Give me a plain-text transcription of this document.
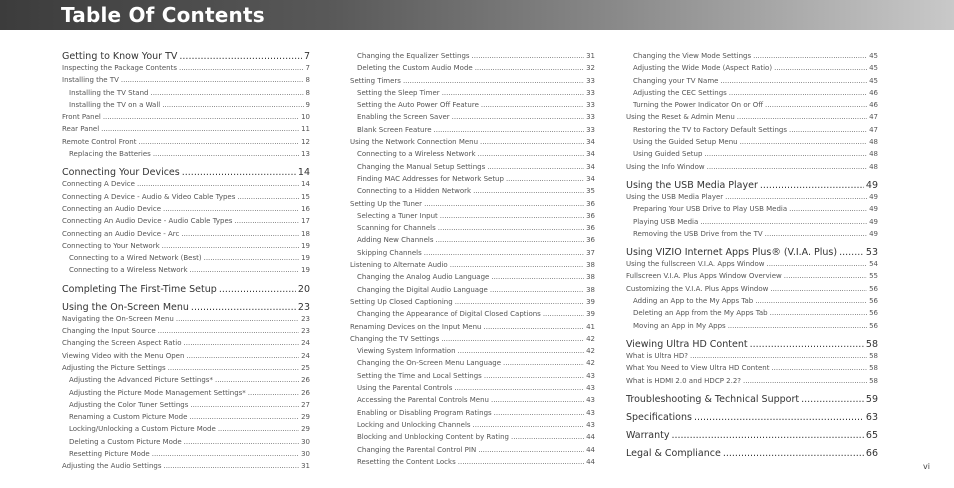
Table Of Contents
Getting to Know Your TV .....	7
Inspecting the Package Contents .....	7
Installing the TV .....	8
Installing the TV Stand .....	8
Installing the TV on a Wall .....	9
Front Panel .....	10
Rear Panel .....	11
Remote Control Front .....	12
Replacing the Batteries .....	13
Connecting Your Devices .....	14
Connecting A Device .....	14
Connecting A Device - Audio & Video Cable Types .....	15
Connecting an Audio Device .....	16
Connecting An Audio Device - Audio Cable Types .....	17
Connecting an Audio Device - Arc .....	18
Connecting to Your Network .....	19
Connecting to a Wired Network (Best) .....	19
Connecting to a Wireless Network .....	19
Completing The First-Time Setup .....	20
Using the On-Screen Menu .....	23
Navigating the On-Screen Menu .....	23
Changing the Input Source .....	23
Changing the Screen Aspect Ratio .....	24
Viewing Video with the Menu Open .....	24
Adjusting the Picture Settings .....	25
Adjusting the Advanced Picture Settings* .....	26
Adjusting the Picture Mode Management Settings* .....	26
Adjusting the Color Tuner Settings .....	27
Renaming a Custom Picture Mode .....	29
Locking/Unlocking a Custom Picture Mode .....	29
Deleting a Custom Picture Mode .....	30
Resetting Picture Mode .....	30
Adjusting the Audio Settings .....	31
Changing the Equalizer Settings .....	31
Deleting the Custom Audio Mode .....	32
Setting Timers .....	33
Setting the Sleep Timer .....	33
Setting the Auto Power Off Feature .....	33
Enabling the Screen Saver .....	33
Blank Screen Feature .....	33
Using the Network Connection Menu .....	34
Connecting to a Wireless Network .....	34
Changing the Manual Setup Settings .....	34
Finding MAC Addresses for Network Setup .....	34
Connecting to a Hidden Network .....	35
Setting Up the Tuner .....	36
Selecting a Tuner Input .....	36
Scanning for Channels .....	36
Adding New Channels .....	36
Skipping Channels .....	37
Listening to Alternate Audio .....	38
Changing the Analog Audio Language .....	38
Changing the Digital Audio Language .....	38
Setting Up Closed Captioning .....	39
Changing the Appearance of Digital Closed Captions .....	39
Renaming Devices on the Input Menu .....	41
Changing the TV Settings .....	42
Viewing System Information .....	42
Changing the On-Screen Menu Language .....	42
Setting the Time and Local Settings .....	43
Using the Parental Controls .....	43
Accessing the Parental Controls Menu .....	43
Enabling or Disabling Program Ratings .....	43
Locking and Unlocking Channels .....	43
Blocking and Unblocking Content by Rating .....	44
Changing the Parental Control PIN .....	44
Resetting the Content Locks .....	44
Changing the View Mode Settings .....	45
Adjusting the Wide Mode (Aspect Ratio) .....	45
Changing your TV Name .....	45
Adjusting the CEC Settings .....	46
Turning the Power Indicator On or Off .....	46
Using the Reset & Admin Menu .....	47
Restoring the TV to Factory Default Settings .....	47
Using the Guided Setup Menu .....	48
Using Guided Setup .....	48
Using the Info Window .....	48
Using the USB Media Player .....	49
Using the USB Media Player .....	49
Preparing Your USB Drive to Play USB Media .....	49
Playing USB Media .....	49
Removing the USB Drive from the TV .....	49
Using VIZIO Internet Apps Plus® (V.I.A. Plus) .....	53
Using the fullscreen V.I.A. Apps Window .....	54
Fullscreen V.I.A. Plus Apps Window Overview .....	55
Customizing the V.I.A. Plus Apps Window .....	56
Adding an App to the My Apps Tab .....	56
Deleting an App from the My Apps Tab .....	56
Moving an App in My Apps .....	56
Viewing Ultra HD Content .....	58
What is Ultra HD? .....	58
What You Need to View Ultra HD Content .....	58
What is HDMI 2.0 and HDCP 2.2? .....	58
Troubleshooting & Technical Support .....	59
Specifications .....	63
Warranty .....	65
Legal & Compliance .....	66
vi
